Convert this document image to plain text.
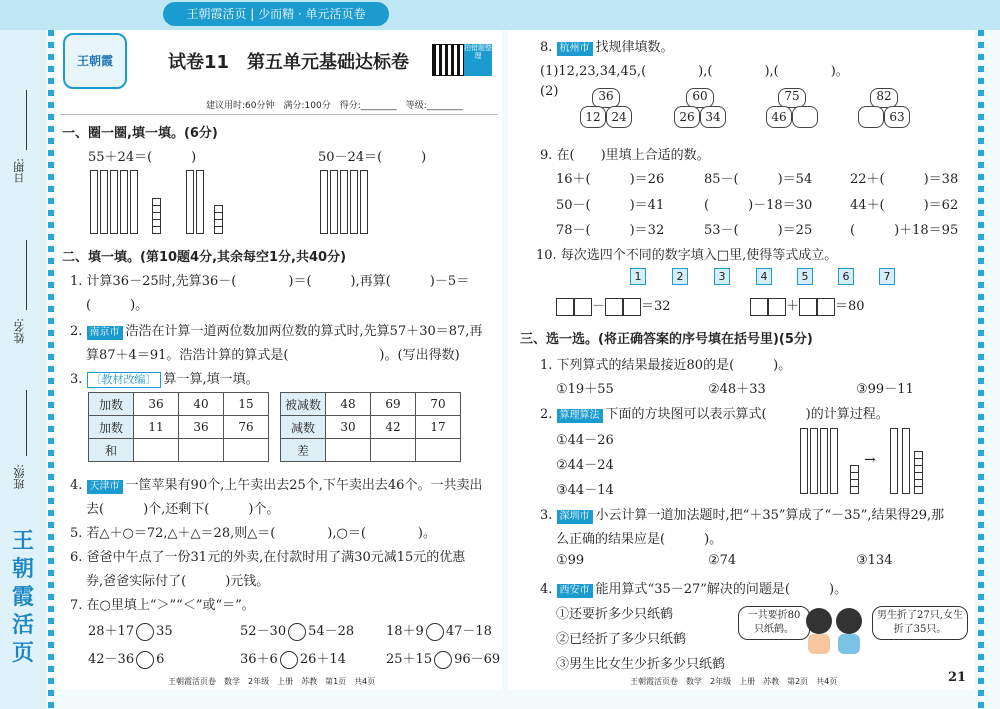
王朝霞活页 | 少而精 · 单元活页卷
日期:
姓名:
班级:
王朝霞活页
王朝霞	试卷11　第五单元基础达标卷
拍错题整理
建议用时:60分钟　满分:100分　得分:________　等级:________
一、圈一圈,填一填。(6分)
55＋24＝(　　　)	50－24＝(　　　)
二、填一填。(第10题4分,其余每空1分,共40分)
1. 计算36－25时,先算36－(　　　　)＝(　　　),再算(　　　)－5＝
(　　　)。
2. 南京市 浩浩在计算一道两位数加两位数的算式时,先算57＋30＝87,再
算87＋4＝91。浩浩计算的算式是(　　　　　　　)。(写出得数)
3. 〔教材改编〕 算一算,填一填。
加数	36	40	15
加数	11	36	76
和			
被减数	48	69	70
减数	30	42	17
差			
4. 天津市 一筐苹果有90个,上午卖出去25个,下午卖出去46个。一共卖出
去(　　　)个,还剩下(　　　)个。
5. 若△＋○＝72,△＋△＝28,则△＝(　　　　),○＝(　　　　)。
6. 爸爸中午点了一份31元的外卖,在付款时用了满30元减15元的优惠
券,爸爸实际付了(　　　)元钱。
7. 在○里填上“＞”“＜”或“＝”。
28＋17 35	52－30 54－28 18＋9 47－18
42－36 6	36＋6 26＋14	25＋15 96－69
王朝霞活页卷　数学　2年级　上册　苏教　第1页　共4页
8. 杭州市 找规律填数。
(1)12,23,34,45,(　　　　),(　　　　),(　　　　)。
(2)	36
12 24
60
26 34
75
46
82
63
9. 在(　　)里填上合适的数。
16＋(　　　)＝26	85－(　　　)＝54	22＋(　　　)＝38
50－(　　　)＝41	(　　　)－18＝30	44＋(　　　)＝62
78－(　　　)＝32	53－(　　　)＝25	(　　　)＋18＝95
10. 每次选四个不同的数字填入□里,使得等式成立。
1	2	3	4	5	6	7
－	＝32	＋	＝80
三、选一选。(将正确答案的序号填在括号里)(5分)
1. 下列算式的结果最接近80的是(　　　)。
①19＋55	②48＋33	③99－11
2. 算理算法 下面的方块图可以表示算式(　　　)的计算过程。
①44－26
②44－24
③44－14
→
3. 深圳市 小云计算一道加法题时,把“＋35”算成了“－35”,结果得29,那
么正确的结果应是(　　　)。
①99	②74	③134
4. 西安市 能用算式“35－27”解决的问题是(　　　)。
①还要折多少只纸鹤
②已经折了多少只纸鹤
③男生比女生少折多少只纸鹤
一共要折80只纸鹤。
男生折了27只,女生折了35只。
王朝霞活页卷　数学　2年级　上册　苏教　第2页　共4页	21
